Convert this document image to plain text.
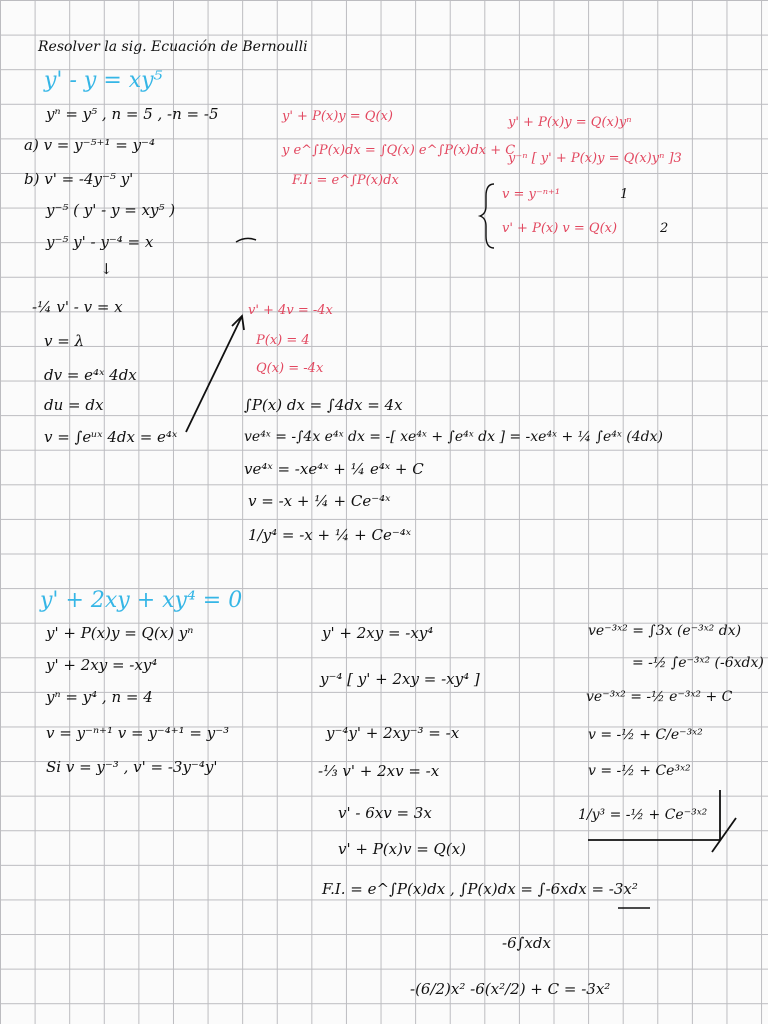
Resolver la sig. Ecuación de Bernoulli
y' - y = xy⁵
yⁿ = y⁵ , n = 5 , -n = -5
a) v = y⁻⁵⁺¹ = y⁻⁴
b) v' = -4y⁻⁵ y'
y⁻⁵ ( y' - y = xy⁵ )
y⁻⁵ y' - y⁻⁴ = x
↓
-¼ v' - v = x
v = λ
dv = e⁴ˣ 4dx
du = dx
v = ∫eᵘˣ 4dx = e⁴ˣ
y' + P(x)y = Q(x)
y e^∫P(x)dx = ∫Q(x) e^∫P(x)dx + C
F.I. = e^∫P(x)dx
y' + P(x)y = Q(x)yⁿ
y⁻ⁿ [ y' + P(x)y = Q(x)yⁿ ]3
v = y⁻ⁿ⁺¹	1
v' + P(x) v = Q(x)	2
v' + 4v = -4x
P(x) = 4
Q(x) = -4x
∫P(x) dx = ∫4dx = 4x
ve⁴ˣ = -∫4x e⁴ˣ dx = -[ xe⁴ˣ + ∫e⁴ˣ dx ] = -xe⁴ˣ + ¼ ∫e⁴ˣ (4dx)
ve⁴ˣ = -xe⁴ˣ + ¼ e⁴ˣ + C
v = -x + ¼ + Ce⁻⁴ˣ
1/y⁴ = -x + ¼ + Ce⁻⁴ˣ
y' + 2xy + xy⁴ = 0
y' + P(x)y = Q(x) yⁿ
y' + 2xy = -xy⁴
yⁿ = y⁴ , n = 4
v = y⁻ⁿ⁺¹ v = y⁻⁴⁺¹ = y⁻³
Si v = y⁻³ , v' = -3y⁻⁴y'
y' + 2xy = -xy⁴
y⁻⁴ [ y' + 2xy = -xy⁴ ]
y⁻⁴y' + 2xy⁻³ = -x
-⅓ v' + 2xv = -x
v' - 6xv = 3x
v' + P(x)v = Q(x)
F.I. = e^∫P(x)dx , ∫P(x)dx = ∫-6xdx = -3x²
-6∫xdx
-(6/2)x² -6(x²/2) + C = -3x²
ve⁻³ˣ² = ∫3x (e⁻³ˣ² dx)
= -½ ∫e⁻³ˣ² (-6xdx)
ve⁻³ˣ² = -½ e⁻³ˣ² + C
v = -½ + C/e⁻³ˣ²
v = -½ + Ce³ˣ²
1/y³ = -½ + Ce⁻³ˣ²
